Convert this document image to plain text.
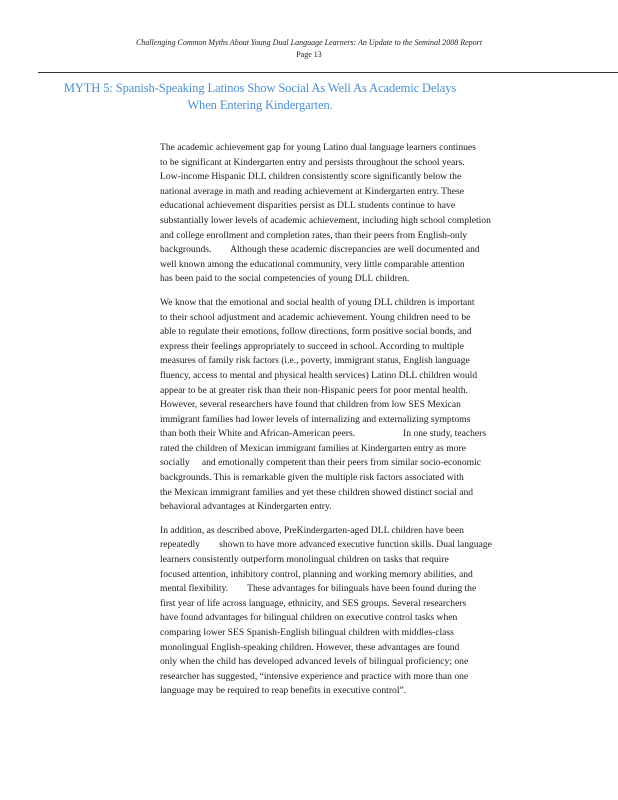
Challenging Common Myths About Young Dual Language Learners: An Update to the Seminal 2008 Report
Page 13
MYTH 5: Spanish-Speaking Latinos Show Social As Well As Academic Delays
When Entering Kindergarten.
The academic achievement gap for young Latino dual language learners continues
to be significant at Kindergarten entry and persists throughout the school years.
Low-income Hispanic DLL children consistently score significantly below the
national average in math and reading achievement at Kindergarten entry. These
educational achievement disparities persist as DLL students continue to have
substantially lower levels of academic achievement, including high school completion
and college enrollment and completion rates, than their peers from English-only
backgrounds.        Although these academic discrepancies are well documented and
well known among the educational community, very little comparable attention
has been paid to the social competencies of young DLL children.
We know that the emotional and social health of young DLL children is important
to their school adjustment and academic achievement. Young children need to be
able to regulate their emotions, follow directions, form positive social bonds, and
express their feelings appropriately to succeed in school. According to multiple
measures of family risk factors (i.e., poverty, immigrant status, English language
fluency, access to mental and physical health services) Latino DLL children would
appear to be at greater risk than their non-Hispanic peers for poor mental health.
However, several researchers have found that children from low SES Mexican
immigrant families had lower levels of internalizing and externalizing symptoms
than both their White and African-American peers.                    In one study, teachers
rated the children of Mexican immigrant families at Kindergarten entry as more
socially     and emotionally competent than their peers from similar socio-economic
backgrounds. This is remarkable given the multiple risk factors associated with
the Mexican immigrant families and yet these children showed distinct social and
behavioral advantages at Kindergarten entry.
In addition, as described above, PreKindergarten-aged DLL children have been
repeatedly        shown to have more advanced executive function skills. Dual language
learners consistently outperform monolingual children on tasks that require
focused attention, inhibitory control, planning and working memory abilities, and
mental flexibility.        These advantages for bilinguals have been found during the
first year of life across language, ethnicity, and SES groups. Several researchers
have found advantages for bilingual children on executive control tasks when
comparing lower SES Spanish-English bilingual children with middles-class
monolingual English-speaking children. However, these advantages are found
only when the child has developed advanced levels of bilingual proficiency; one
researcher has suggested, “intensive experience and practice with more than one
language may be required to reap benefits in executive control”.
